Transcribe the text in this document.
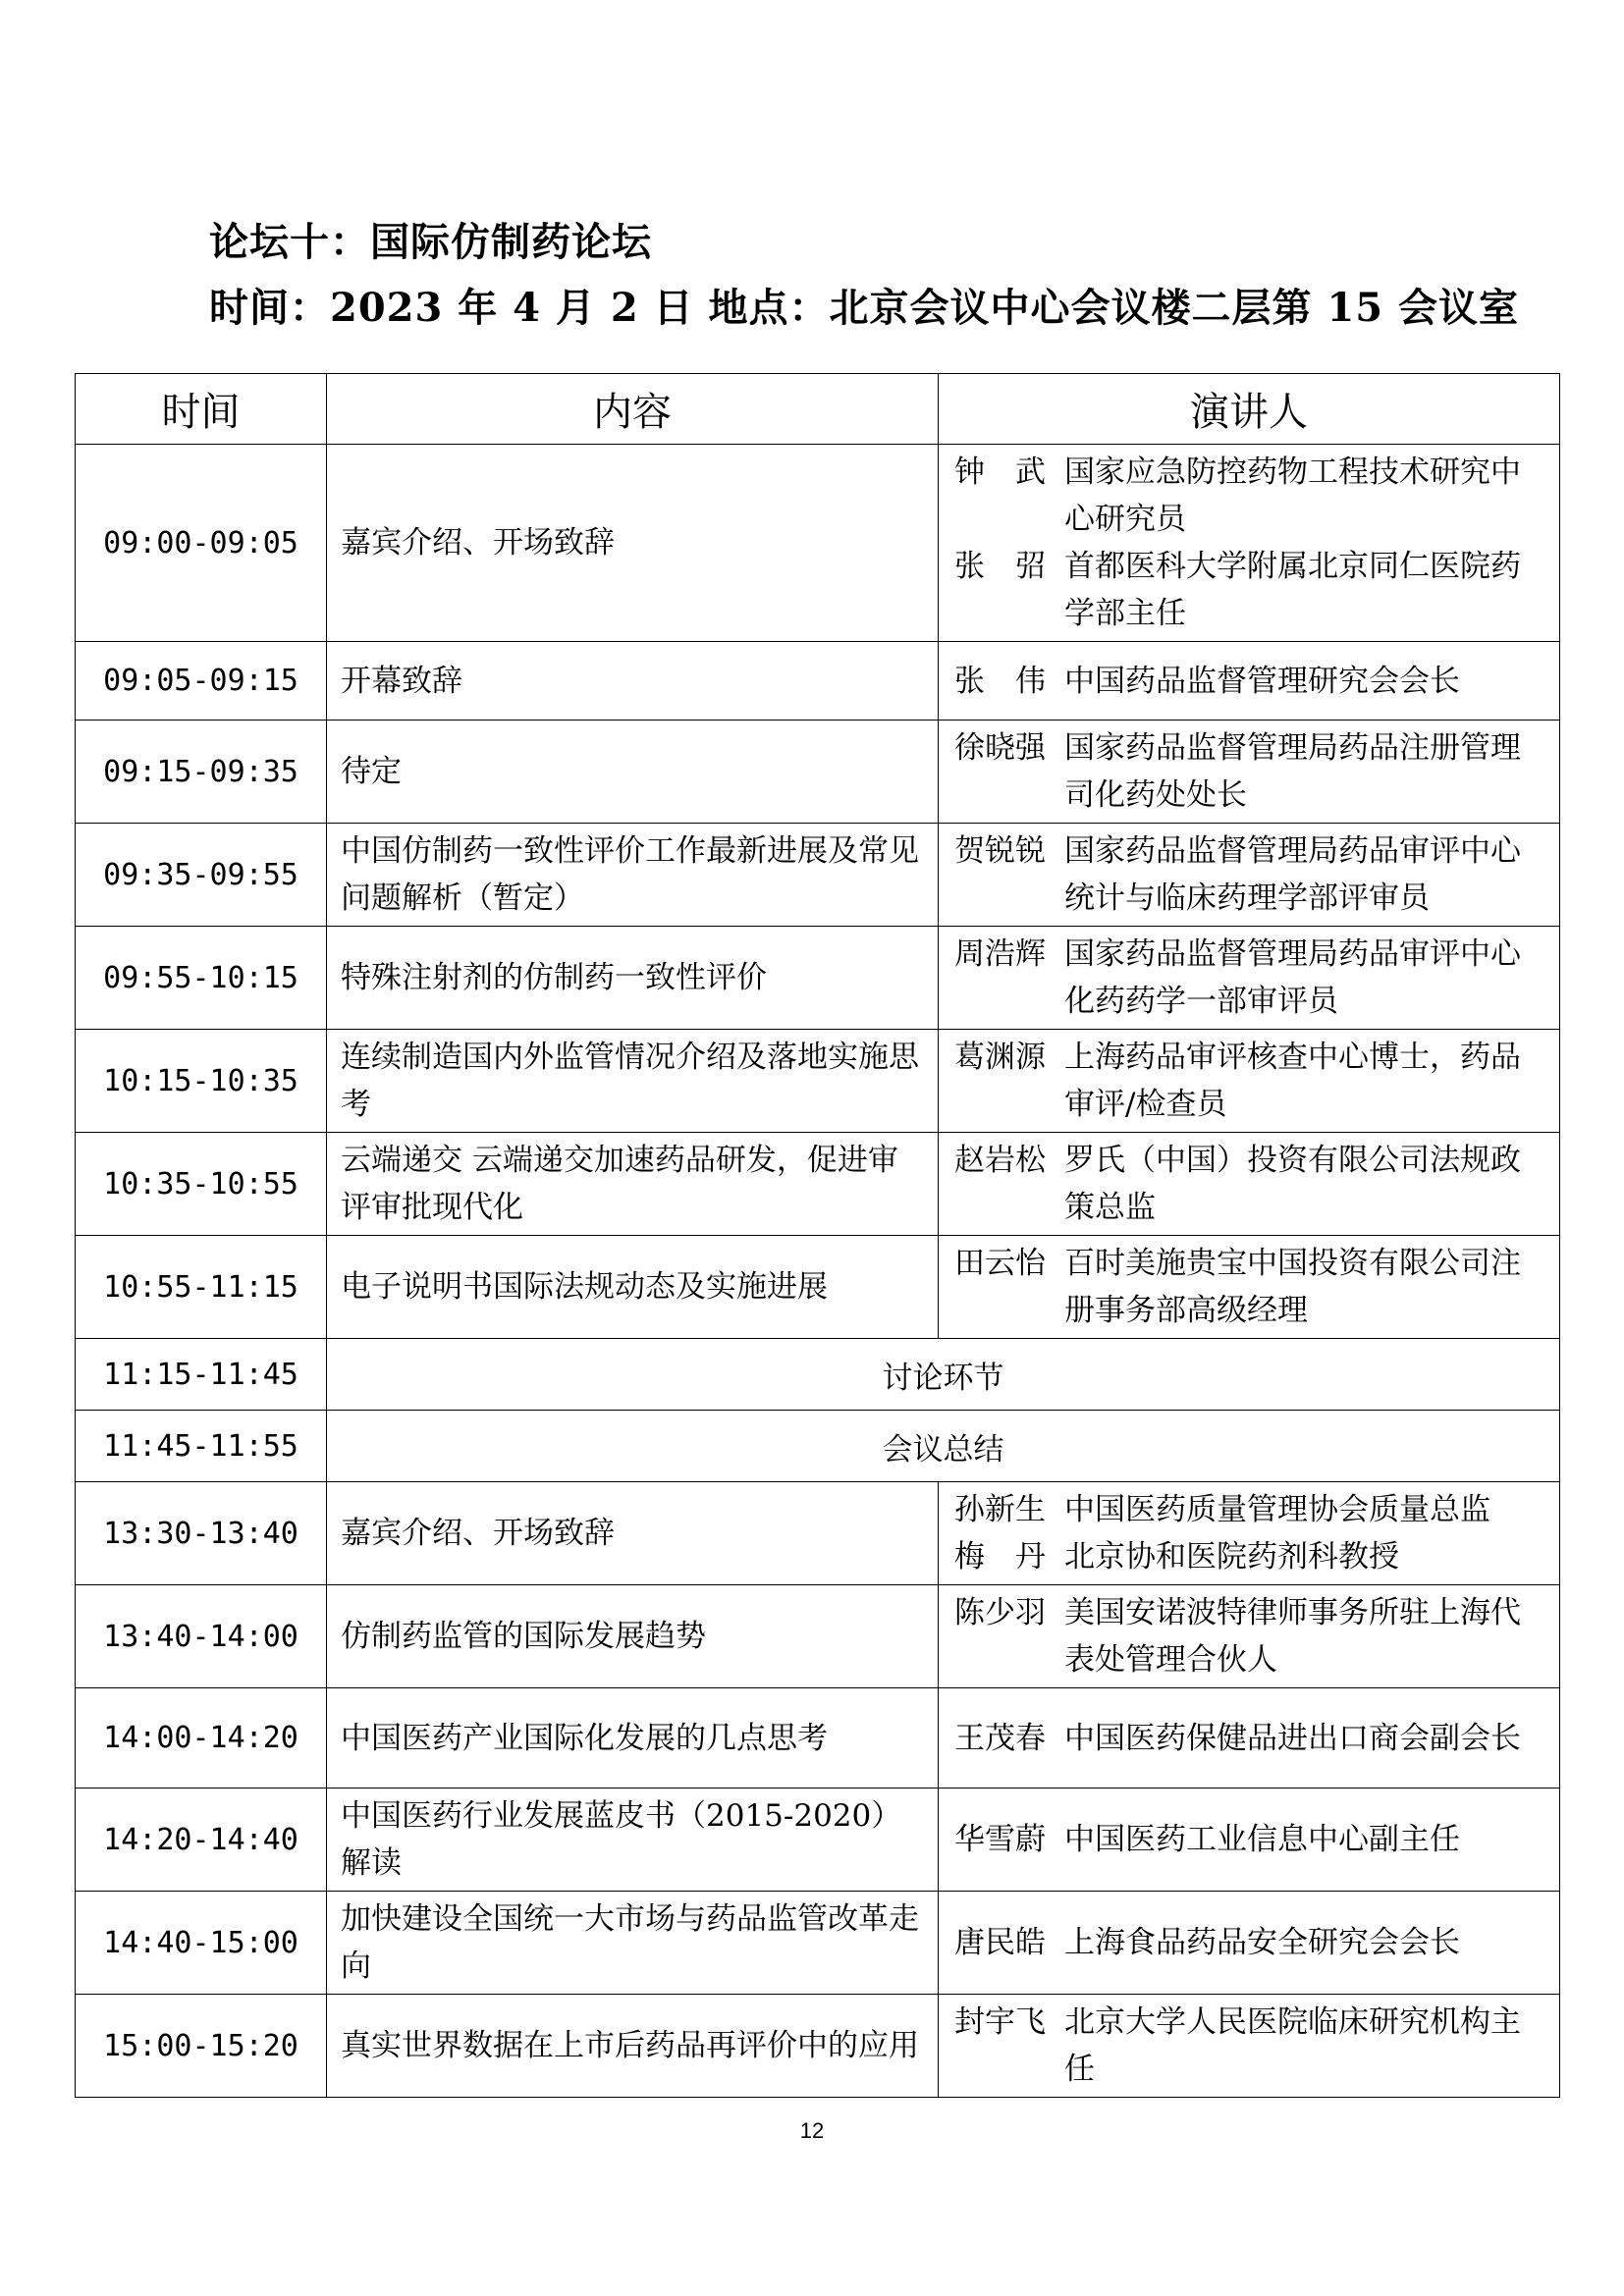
论坛十：国际仿制药论坛
时间：2023 年 4 月 2 日 地点：北京会议中心会议楼二层第 15 会议室
时间	内容	演讲人
09:00-09:05	嘉宾介绍、开场致辞	钟　武 国家应急防控药物工程技术研究中心研究员
张　弨 首都医科大学附属北京同仁医院药学部主任

09:05-09:15	开幕致辞	张　伟 中国药品监督管理研究会会长

09:15-09:35	待定	徐晓强 国家药品监督管理局药品注册管理司化药处处长

09:35-09:55	中国仿制药一致性评价工作最新进展及常见问题解析（暂定）	贺锐锐 国家药品监督管理局药品审评中心统计与临床药理学部评审员

09:55-10:15	特殊注射剂的仿制药一致性评价	周浩辉 国家药品监督管理局药品审评中心化药药学一部审评员

10:15-10:35	连续制造国内外监管情况介绍及落地实施思考	葛渊源 上海药品审评核查中心博士，药品审评/检查员

10:35-10:55	云端递交 云端递交加速药品研发，促进审评审批现代化	赵岩松 罗氏（中国）投资有限公司法规政策总监

10:55-11:15	电子说明书国际法规动态及实施进展	田云怡 百时美施贵宝中国投资有限公司注册事务部高级经理

11:15-11:45	讨论环节	
11:45-11:55	会议总结	
13:30-13:40	嘉宾介绍、开场致辞	孙新生 中国医药质量管理协会质量总监
梅　丹 北京协和医院药剂科教授

13:40-14:00	仿制药监管的国际发展趋势	陈少羽 美国安诺波特律师事务所驻上海代表处管理合伙人

14:00-14:20	中国医药产业国际化发展的几点思考	王茂春 中国医药保健品进出口商会副会长

14:20-14:40	中国医药行业发展蓝皮书（2015-2020）解读	华雪蔚 中国医药工业信息中心副主任

14:40-15:00	加快建设全国统一大市场与药品监管改革走向	唐民皓 上海食品药品安全研究会会长

15:00-15:20	真实世界数据在上市后药品再评价中的应用	封宇飞 北京大学人民医院临床研究机构主任
12
